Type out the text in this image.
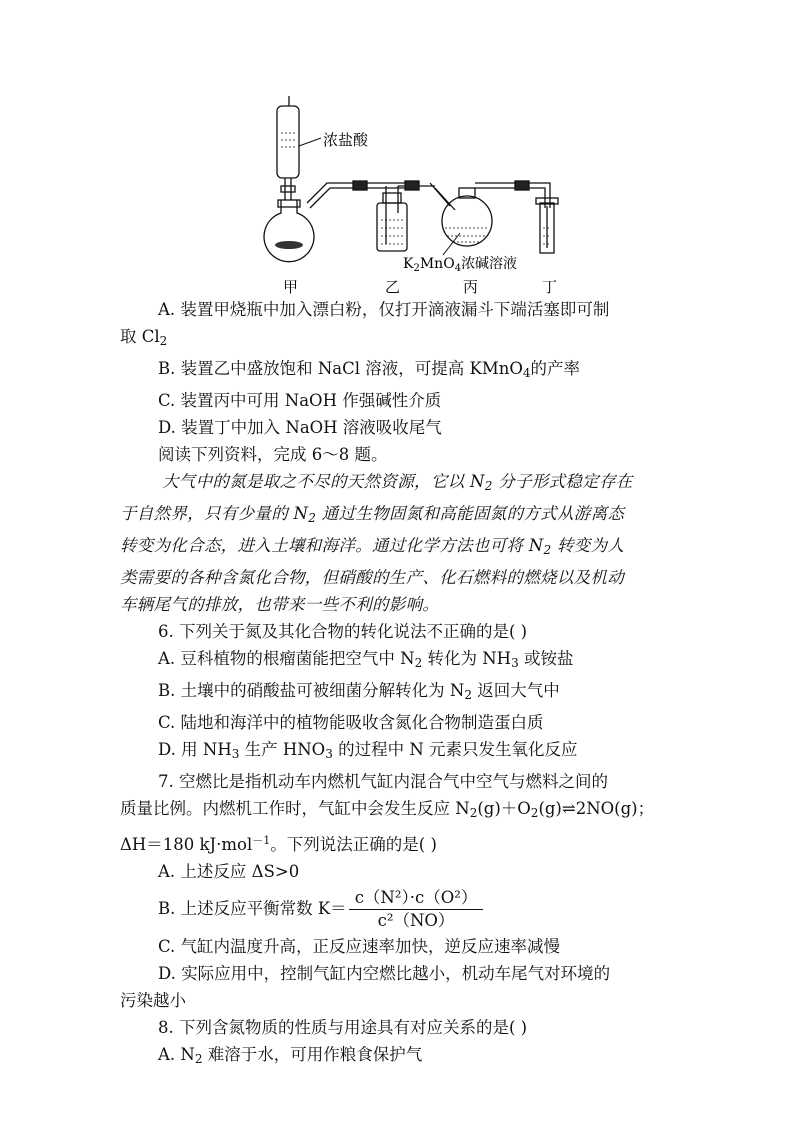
浓盐酸
$K_2MnO_4$浓碱溶液
甲	乙	丙	丁
A. 装置甲烧瓶中加入漂白粉，仅打开滴液漏斗下端活塞即可制
取 Cl2
B. 装置乙中盛放饱和 NaCl 溶液，可提高 KMnO4的产率
C. 装置丙中可用 NaOH 作强碱性介质
D. 装置丁中加入 NaOH 溶液吸收尾气
阅读下列资料，完成 6～8 题。
大气中的氮是取之不尽的天然资源，它以 N2 分子形式稳定存在
于自然界，只有少量的 N2 通过生物固氮和高能固氮的方式从游离态
转变为化合态，进入土壤和海洋。通过化学方法也可将 N2 转变为人
类需要的各种含氮化合物，但硝酸的生产、化石燃料的燃烧以及机动
车辆尾气的排放，也带来一些不利的影响。
6. 下列关于氮及其化合物的转化说法不正确的是( )
A. 豆科植物的根瘤菌能把空气中 N2 转化为 NH3 或铵盐
B. 土壤中的硝酸盐可被细菌分解转化为 N2 返回大气中
C. 陆地和海洋中的植物能吸收含氮化合物制造蛋白质
D. 用 NH3 生产 HNO3 的过程中 N 元素只发生氧化反应
7. 空燃比是指机动车内燃机气缸内混合气中空气与燃料之间的
质量比例。内燃机工作时，气缸中会发生反应 N2(g)＋O2(g)⇌2NO(g)；
ΔH＝180 kJ·mol$^{-1}$。下列说法正确的是( )
A. 上述反应 ΔS>0
B. 上述反应平衡常数 $K= \frac{\text{c（N²）·c（O²）}}{\text{c²（NO）}}$
C. 气缸内温度升高，正反应速率加快，逆反应速率减慢
D. 实际应用中，控制气缸内空燃比越小，机动车尾气对环境的
污染越小
8. 下列含氮物质的性质与用途具有对应关系的是( )
A. N2 难溶于水，可用作粮食保护气
